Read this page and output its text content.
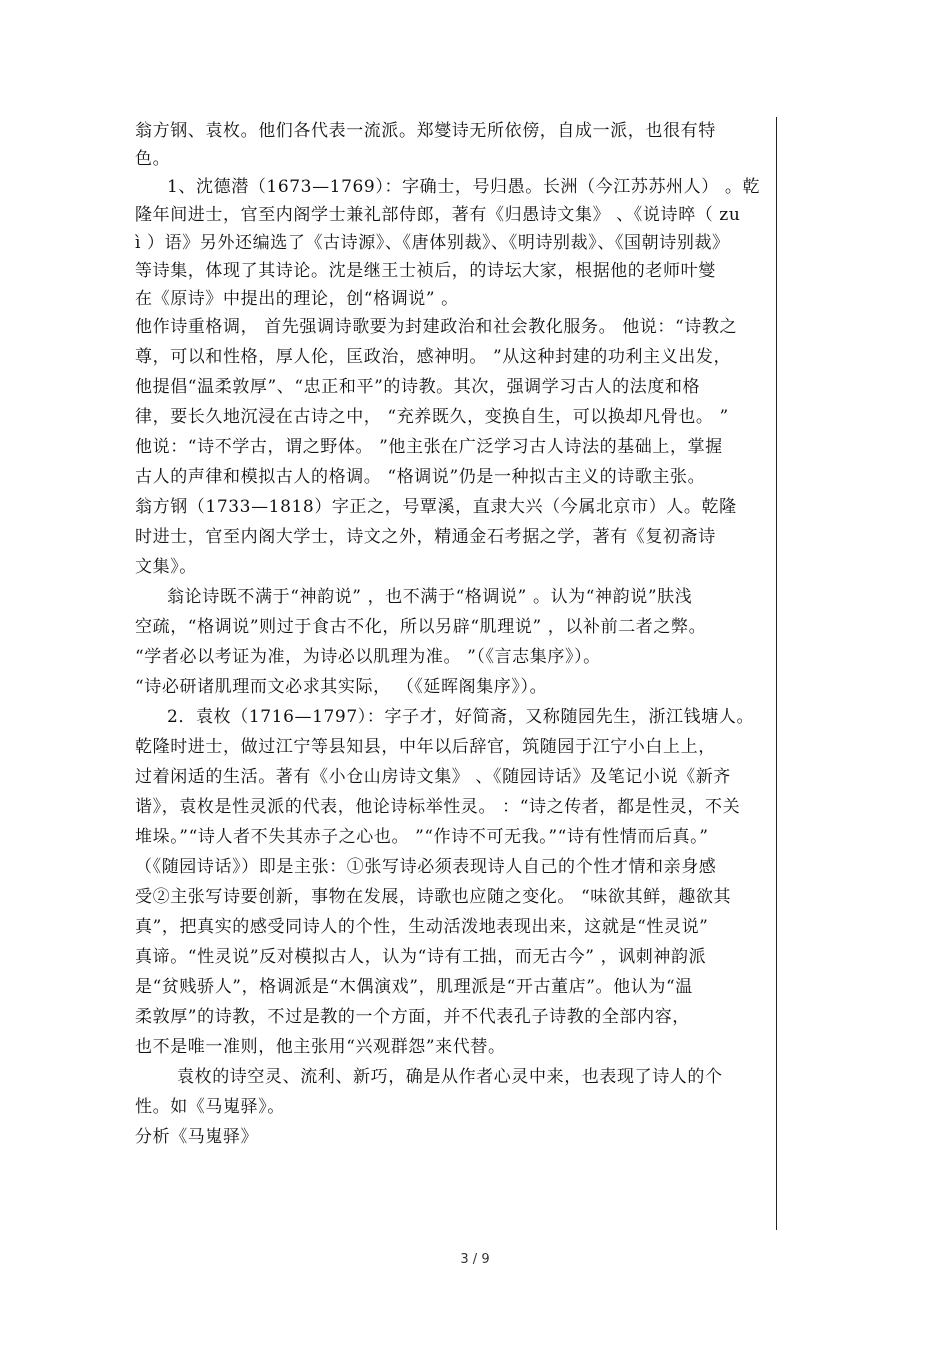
翁方钢、袁枚。他们各代表一流派。郑燮诗无所依傍，自成一派，也很有特
色。
1、沈德潜（1673—1769）：字确士，号归愚。长洲（今江苏苏州人） 。乾
隆年间进士，官至内阁学士兼礼部侍郎，著有《归愚诗文集》 、《说诗晬（ zu
ì ）语》另外还编选了《古诗源》、《唐体别裁》、《明诗别裁》、《国朝诗别裁》
等诗集，体现了其诗论。沈是继王士祯后，的诗坛大家，根据他的老师叶燮
在《原诗》中提出的理论，创“格调说” 。
他作诗重格调， 首先强调诗歌要为封建政治和社会教化服务。 他说：“诗教之
尊，可以和性格，厚人伦，匡政治，感神明。 ”从这种封建的功利主义出发，
他提倡“温柔敦厚”、“忠正和平”的诗教。其次，强调学习古人的法度和格
律，要长久地沉浸在古诗之中， “充养既久，变换自生，可以换却凡骨也。 ”
他说：“诗不学古，谓之野体。 ”他主张在广泛学习古人诗法的基础上，掌握
古人的声律和模拟古人的格调。 “格调说”仍是一种拟古主义的诗歌主张。
翁方钢（1733—1818）字正之，号覃溪，直隶大兴（今属北京市）人。乾隆
时进士，官至内阁大学士，诗文之外，精通金石考据之学，著有《复初斋诗
文集》。
翁论诗既不满于“神韵说” ，也不满于“格调说” 。认为“神韵说”肤浅
空疏，“格调说”则过于食古不化，所以另辟“肌理说” ，以补前二者之弊。
“学者必以考证为准，为诗必以肌理为准。 ”（《言志集序》）。
“诗必研诸肌理而文必求其实际， （《延晖阁集序》）。
2．袁枚（1716—1797）：字子才，好简斋，又称随园先生，浙江钱塘人。
乾隆时进士，做过江宁等县知县，中年以后辞官，筑随园于江宁小白上上，
过着闲适的生活。著有《小仓山房诗文集》 、《随园诗话》及笔记小说《新齐
谐》，袁枚是性灵派的代表，他论诗标举性灵。 ：“诗之传者，都是性灵，不关
堆垛。”“诗人者不失其赤子之心也。 ”“作诗不可无我。”“诗有性情而后真。”
（《随园诗话》）即是主张：①张写诗必须表现诗人自己的个性才情和亲身感
受②主张写诗要创新，事物在发展，诗歌也应随之变化。 “味欲其鲜，趣欲其
真”，把真实的感受同诗人的个性，生动活泼地表现出来，这就是“性灵说”
真谛。“性灵说”反对模拟古人，认为“诗有工拙，而无古今” ，讽刺神韵派
是“贫贱骄人”，格调派是“木偶演戏”，肌理派是“开古董店”。他认为“温
柔敦厚”的诗教，不过是教的一个方面，并不代表孔子诗教的全部内容，
也不是唯一准则，他主张用“兴观群怨”来代替。
袁枚的诗空灵、流利、新巧，确是从作者心灵中来，也表现了诗人的个
性。如《马嵬驿》。
分析《马嵬驿》
3 / 9
